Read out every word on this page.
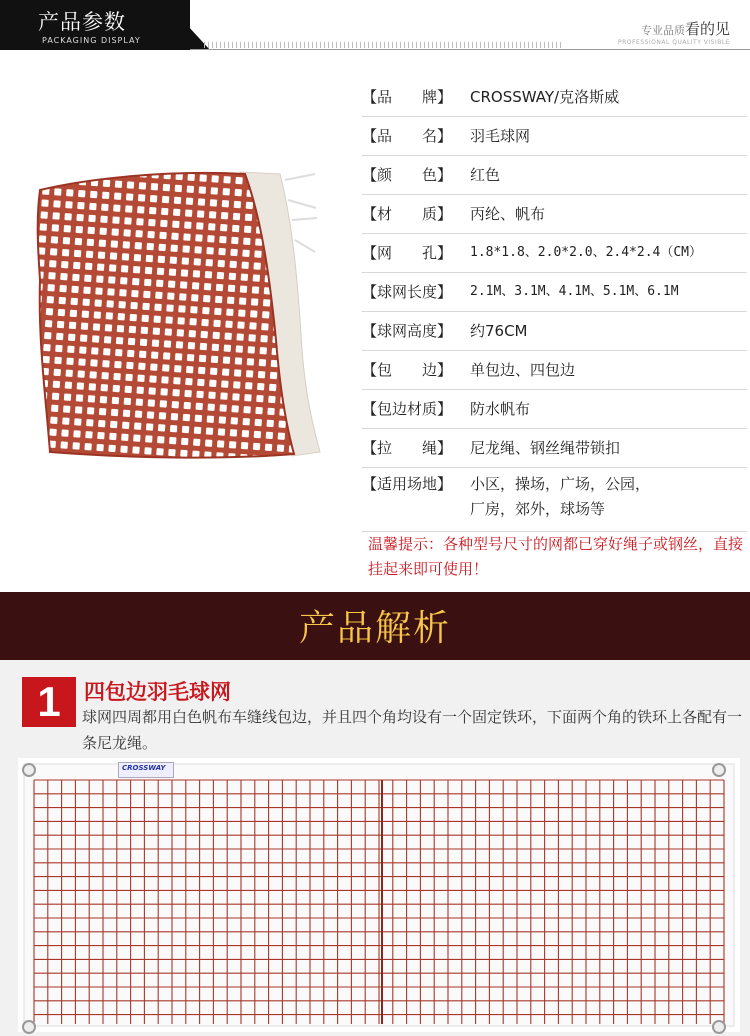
产品参数
PACKAGING DISPLAY
专业品质看的见
PROFESSIONAL QUALITY VISIBLE
【品　　牌】	CROSSWAY/克洛斯威
【品　　名】	羽毛球网
【颜　　色】	红色
【材　　质】	丙纶、帆布
【网　　孔】	1.8*1.8、2.0*2.0、2.4*2.4（CM）
【球网长度】	2.1M、3.1M、4.1M、5.1M、6.1M
【球网高度】	约76CM
【包　　边】	单包边、四包边
【包边材质】	防水帆布
【拉　　绳】	尼龙绳、钢丝绳带锁扣
【适用场地】	小区，操场，广场，公园，
厂房，郊外，球场等
温馨提示：各种型号尺寸的网都已穿好绳子或钢丝，直接挂起来即可使用！
产品解析
1	四包边羽毛球网
球网四周都用白色帆布车缝线包边，并且四个角均设有一个固定铁环，下面两个角的铁环上各配有一条尼龙绳。
CROSSWAY
